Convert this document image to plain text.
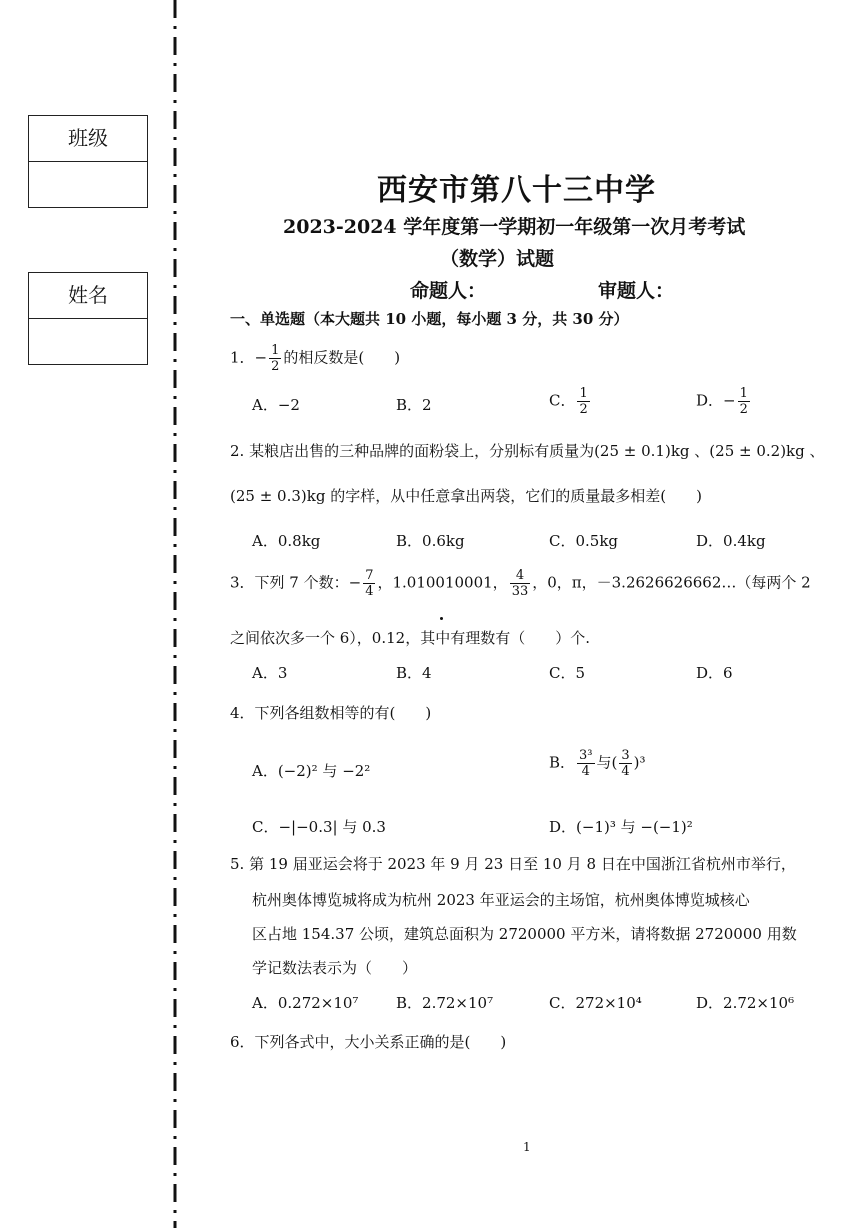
班级
姓名
西安市第八十三中学
2023-2024 学年度第一学期初一年级第一次月考考试
（数学）试题
命题人：	审题人：
一、单选题（本大题共 10 小题，每小题 3 分，共 30 分）
1．− $\frac{1}{2}$ 的相反数是(　　)
A．−2	B．2	C． $\frac{1}{2}$	D．− $\frac{1}{2}$
2. 某粮店出售的三种品牌的面粉袋上，分别标有质量为(25 ± 0.1)kg 、(25 ± 0.2)kg 、
(25 ± 0.3)kg 的字样，从中任意拿出两袋，它们的质量最多相差(　　)
A．0.8kg	B．0.6kg	C．0.5kg	D．0.4kg
3．下列 7 个数：− $\frac{7}{4}$ ，1.010010001， $\frac{4}{33}$ ，0，π，－3.2626626662…（每两个 2
之间依次多一个 6），0.12，其中有理数有（　　）个.
A．3	B．4	C．5	D．6
4．下列各组数相等的有(　　)
A．(−2)² 与 −2²	B． $\frac{\text{3³}}{4}$ 与( $\frac{3}{4} )^3$
C．−|−0.3| 与 0.3	D．(−1)³ 与 −(−1)²
5. 第 19 届亚运会将于 2023 年 9 月 23 日至 10 月 8 日在中国浙江省杭州市举行，
杭州奥体博览城将成为杭州 2023 年亚运会的主场馆，杭州奥体博览城核心
区占地 154.37 公顷，建筑总面积为 2720000 平方米，请将数据 2720000 用数
学记数法表示为（　　）
A．0.272×10⁷	B．2.72×10⁷	C．272×10⁴	D．2.72×10⁶
6．下列各式中，大小关系正确的是(　　)
1
